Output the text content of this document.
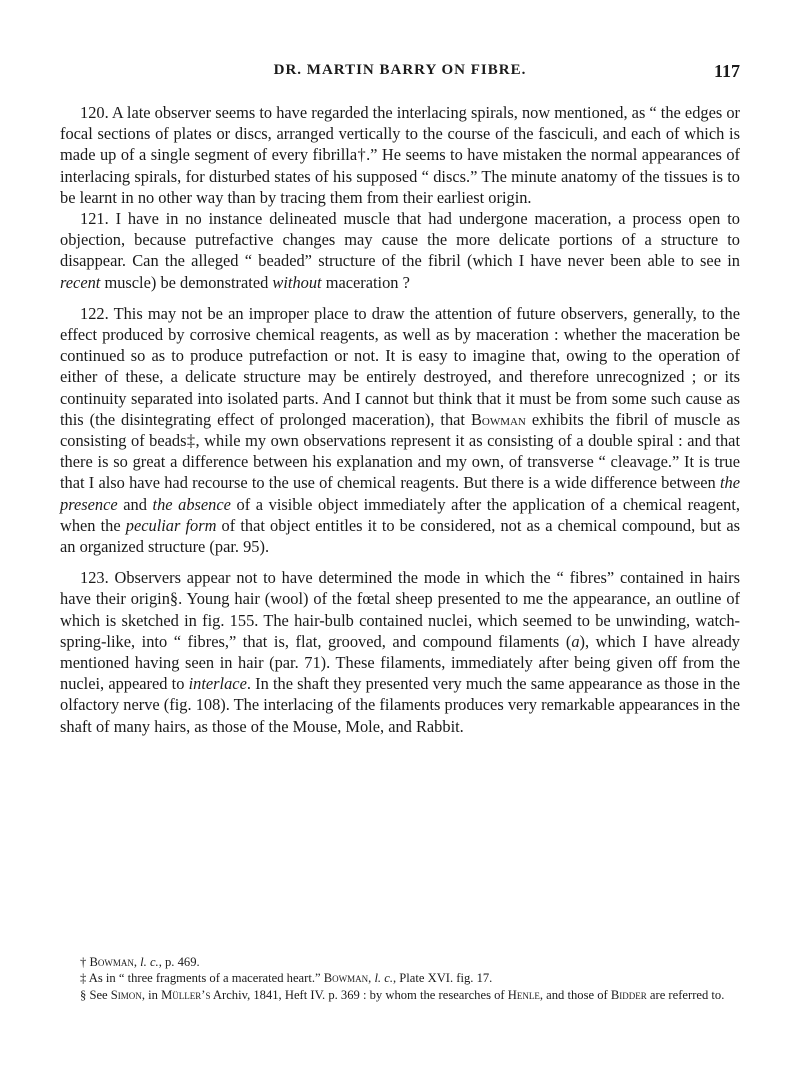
DR. MARTIN BARRY ON FIBRE.	117

120. A late observer seems to have regarded the interlacing spirals, now mentioned, as “ the edges or focal sections of plates or discs, arranged vertically to the course of the fasciculi, and each of which is made up of a single segment of every fibrilla†.” He seems to have mistaken the normal appearances of interlacing spirals, for disturbed states of his supposed “ discs.” The minute anatomy of the tissues is to be learnt in no other way than by tracing them from their earliest origin.

121. I have in no instance delineated muscle that had undergone maceration, a process open to objection, because putrefactive changes may cause the more delicate portions of a structure to disappear. Can the alleged “ beaded” structure of the fibril (which I have never been able to see in recent muscle) be demonstrated without maceration ?

122. This may not be an improper place to draw the attention of future observers, generally, to the effect produced by corrosive chemical reagents, as well as by maceration : whether the maceration be continued so as to produce putrefaction or not. It is easy to imagine that, owing to the operation of either of these, a delicate structure may be entirely destroyed, and therefore unrecognized ; or its continuity separated into isolated parts. And I cannot but think that it must be from some such cause as this (the disintegrating effect of prolonged maceration), that Bowman exhibits the fibril of muscle as consisting of beads‡, while my own observations represent it as consisting of a double spiral : and that there is so great a difference between his explanation and my own, of transverse “ cleavage.” It is true that I also have had recourse to the use of chemical reagents. But there is a wide difference between the presence and the absence of a visible object immediately after the application of a chemical reagent, when the peculiar form of that object entitles it to be considered, not as a chemical compound, but as an organized structure (par. 95).

123. Observers appear not to have determined the mode in which the “ fibres” contained in hairs have their origin§. Young hair (wool) of the fœtal sheep presented to me the appearance, an outline of which is sketched in fig. 155. The hair-bulb contained nuclei, which seemed to be unwinding, watch-spring-like, into “ fibres,” that is, flat, grooved, and compound filaments (a), which I have already mentioned having seen in hair (par. 71). These filaments, immediately after being given off from the nuclei, appeared to interlace. In the shaft they presented very much the same appearance as those in the olfactory nerve (fig. 108). The interlacing of the filaments produces very remarkable appearances in the shaft of many hairs, as those of the Mouse, Mole, and Rabbit.

† Bowman, l. c., p. 469.

‡ As in “ three fragments of a macerated heart.” Bowman, l. c., Plate XVI. fig. 17.

§ See Simon, in Müller’s Archiv, 1841, Heft IV. p. 369 : by whom the researches of Henle, and those of Bidder are referred to.
